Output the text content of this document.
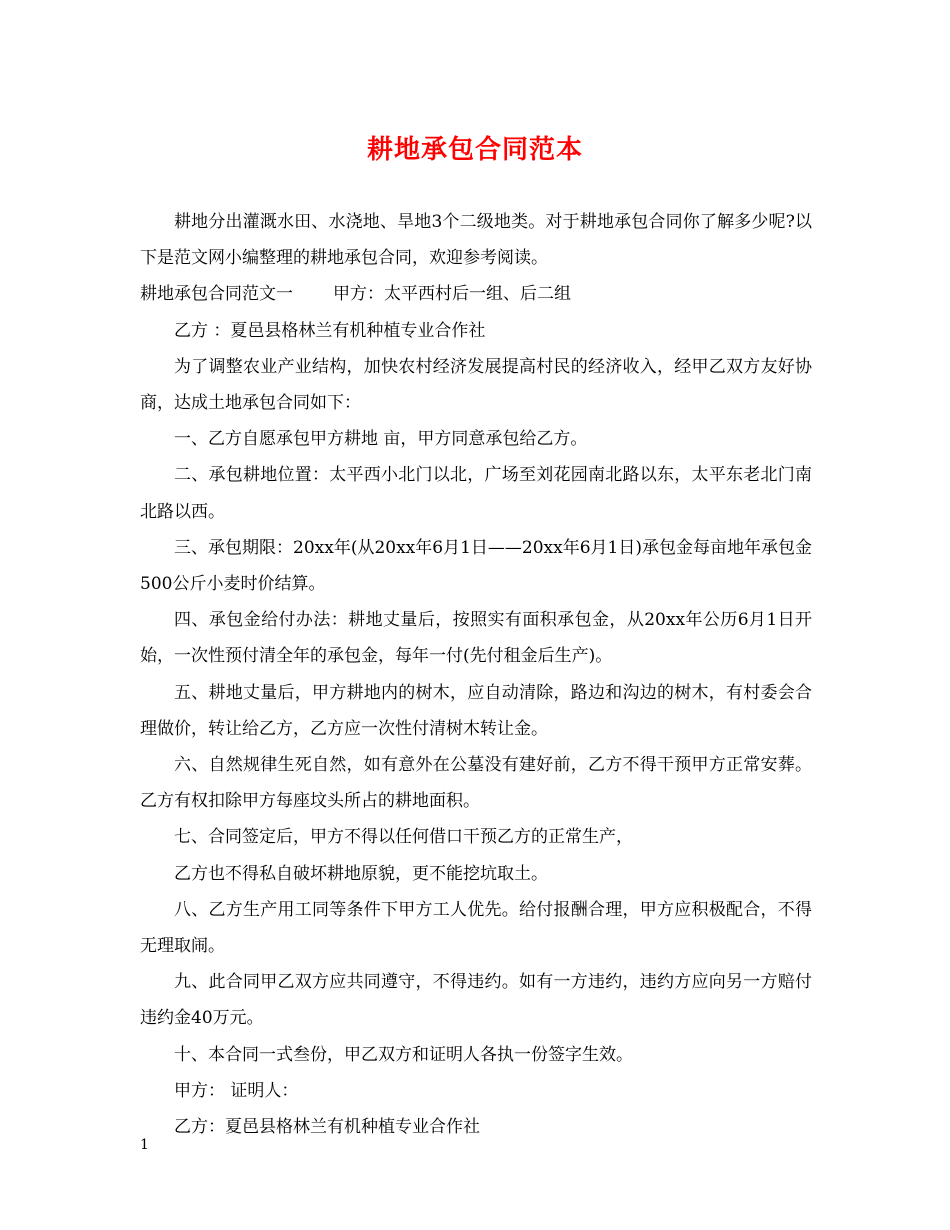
耕地承包合同范本

耕地分出灌溉水田、水浇地、旱地3个二级地类。对于耕地承包合同你了解多少呢?以下是范文网小编整理的耕地承包合同，欢迎参考阅读。

耕地承包合同范文一 甲方：太平西村后一组、后二组

乙方 ：夏邑县格林兰有机种植专业合作社

为了调整农业产业结构，加快农村经济发展提高村民的经济收入，经甲乙双方友好协商，达成土地承包合同如下：

一、乙方自愿承包甲方耕地 亩，甲方同意承包给乙方。

二、承包耕地位置：太平西小北门以北，广场至刘花园南北路以东，太平东老北门南北路以西。

三、承包期限：20xx年(从20xx年6月1日——20xx年6月1日)承包金每亩地年承包金500公斤小麦时价结算。

四、承包金给付办法：耕地丈量后，按照实有面积承包金，从20xx年公历6月1日开始，一次性预付清全年的承包金，每年一付(先付租金后生产)。

五、耕地丈量后，甲方耕地内的树木，应自动清除，路边和沟边的树木，有村委会合理做价，转让给乙方，乙方应一次性付清树木转让金。

六、自然规律生死自然，如有意外在公墓没有建好前，乙方不得干预甲方正常安葬。乙方有权扣除甲方每座坟头所占的耕地面积。

七、合同签定后，甲方不得以任何借口干预乙方的正常生产，

乙方也不得私自破坏耕地原貌，更不能挖坑取土。

八、乙方生产用工同等条件下甲方工人优先。给付报酬合理，甲方应积极配合，不得无理取闹。

九、此合同甲乙双方应共同遵守，不得违约。如有一方违约，违约方应向另一方赔付违约金40万元。

十、本合同一式叁份，甲乙双方和证明人各执一份签字生效。

甲方： 证明人：

乙方：夏邑县格林兰有机种植专业合作社

1
